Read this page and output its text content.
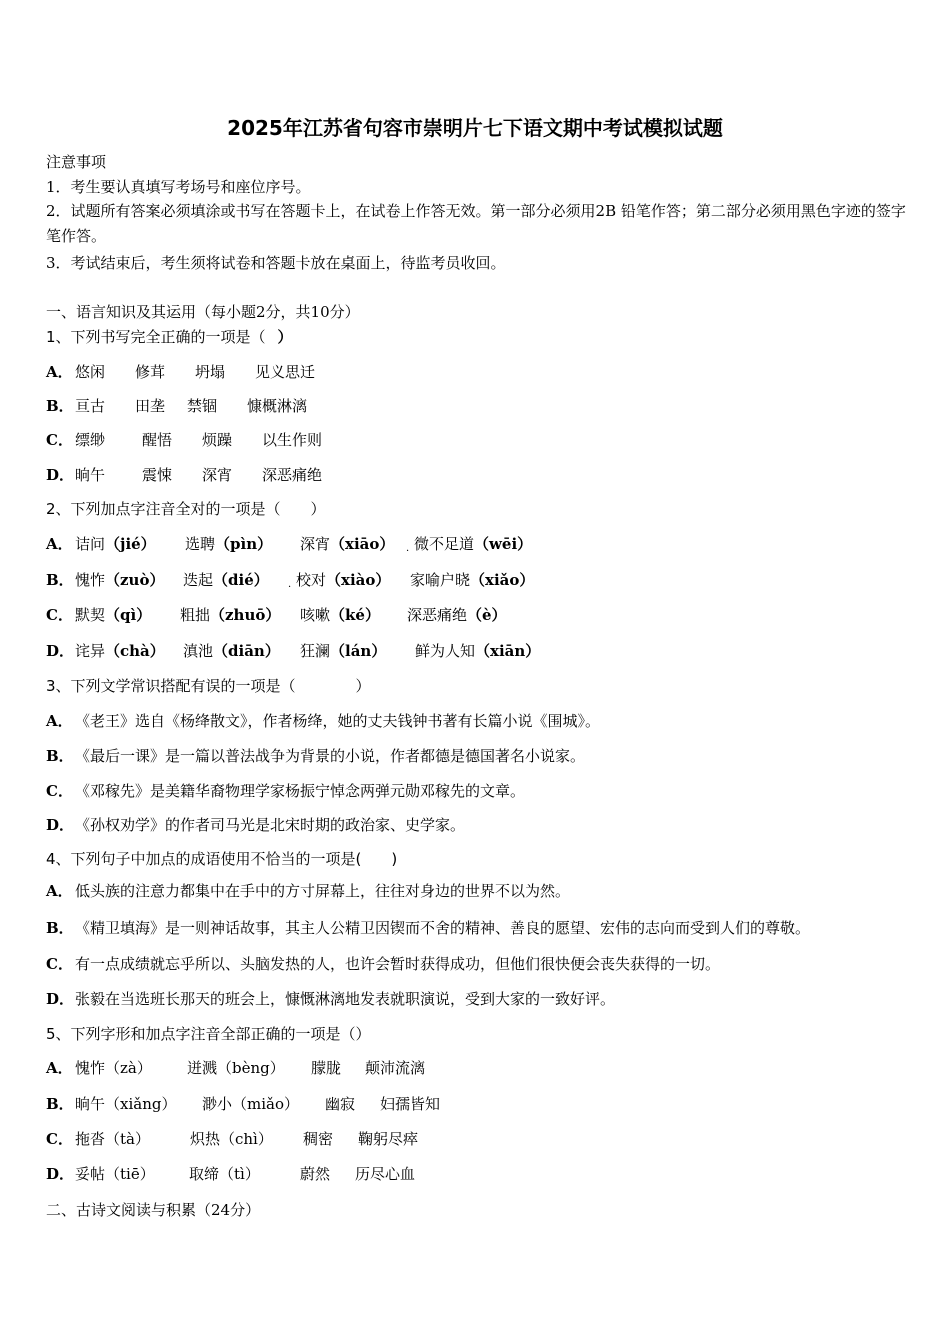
2025年江苏省句容市崇明片七下语文期中考试模拟试题
注意事项
1．考生要认真填写考场号和座位序号。
2．试题所有答案必须填涂或书写在答题卡上，在试卷上作答无效。第一部分必须用2B 铅笔作答；第二部分必须用黑色字迹的签字笔作答。
3．考试结束后，考生须将试卷和答题卡放在桌面上，待监考员收回。
一、语言知识及其运用（每小题2分，共10分）
1、下列书写完全正确的一项是（ ）
A． 悠闲 修茸 坍塌 见义思迁
B．亘古 田垄 禁锢 慷概淋漓
C． 缥缈 醒悟 烦躁 以生作则
D．晌午 震悚 深宵 深恶痛绝
2、下列加点字注音全对的一项是（　　）
A． 诘问（jié） 选聘（pìn） 深宵（xiāo） 微不足道（wēi）
·
B．愧怍（zuò） 迭起（dié） 校对（xiào） 家喻户晓（xiǎo）
·
C． 默契（qì） 粗拙（zhuō） 咳嗽（ké） 深恶痛绝（è）
D．诧异（chà） 滇池（diān） 狂澜（lán） 鲜为人知（xiān）
3、下列文学常识搭配有误的一项是（　　　　）
A． 《老王》选自《杨绛散文》，作者杨绛，她的丈夫钱钟书著有长篇小说《围城》。
B．《最后一课》是一篇以普法战争为背景的小说，作者都德是德国著名小说家。
C． 《邓稼先》是美籍华裔物理学家杨振宁悼念两弹元勋邓稼先的文章。
D．《孙权劝学》的作者司马光是北宋时期的政治家、史学家。
4、下列句子中加点的成语使用不恰当的一项是(　　)
A． 低头族的注意力都集中在手中的方寸屏幕上，往往对身边的世界不以为然。
B．《精卫填海》是一则神话故事，其主人公精卫因锲而不舍的精神、善良的愿望、宏伟的志向而受到人们的尊敬。
C． 有一点成绩就忘乎所以、头脑发热的人，也许会暂时获得成功，但他们很快便会丧失获得的一切。
D．张毅在当选班长那天的班会上，慷慨淋漓地发表就职演说，受到大家的一致好评。
5、下列字形和加点字注音全部正确的一项是（）
A． 愧怍（zà） 迸溅（bèng） 朦胧 颠沛流漓
B．晌午（xiǎng） 渺小（miǎo） 幽寂 妇孺皆知
C． 拖沓（tà）	炽热（chì） 稠密 鞠躬尽瘁
D．妥帖（tiē） 取缔（tì）	蔚然 历尽心血
二、古诗文阅读与积累（24分）
